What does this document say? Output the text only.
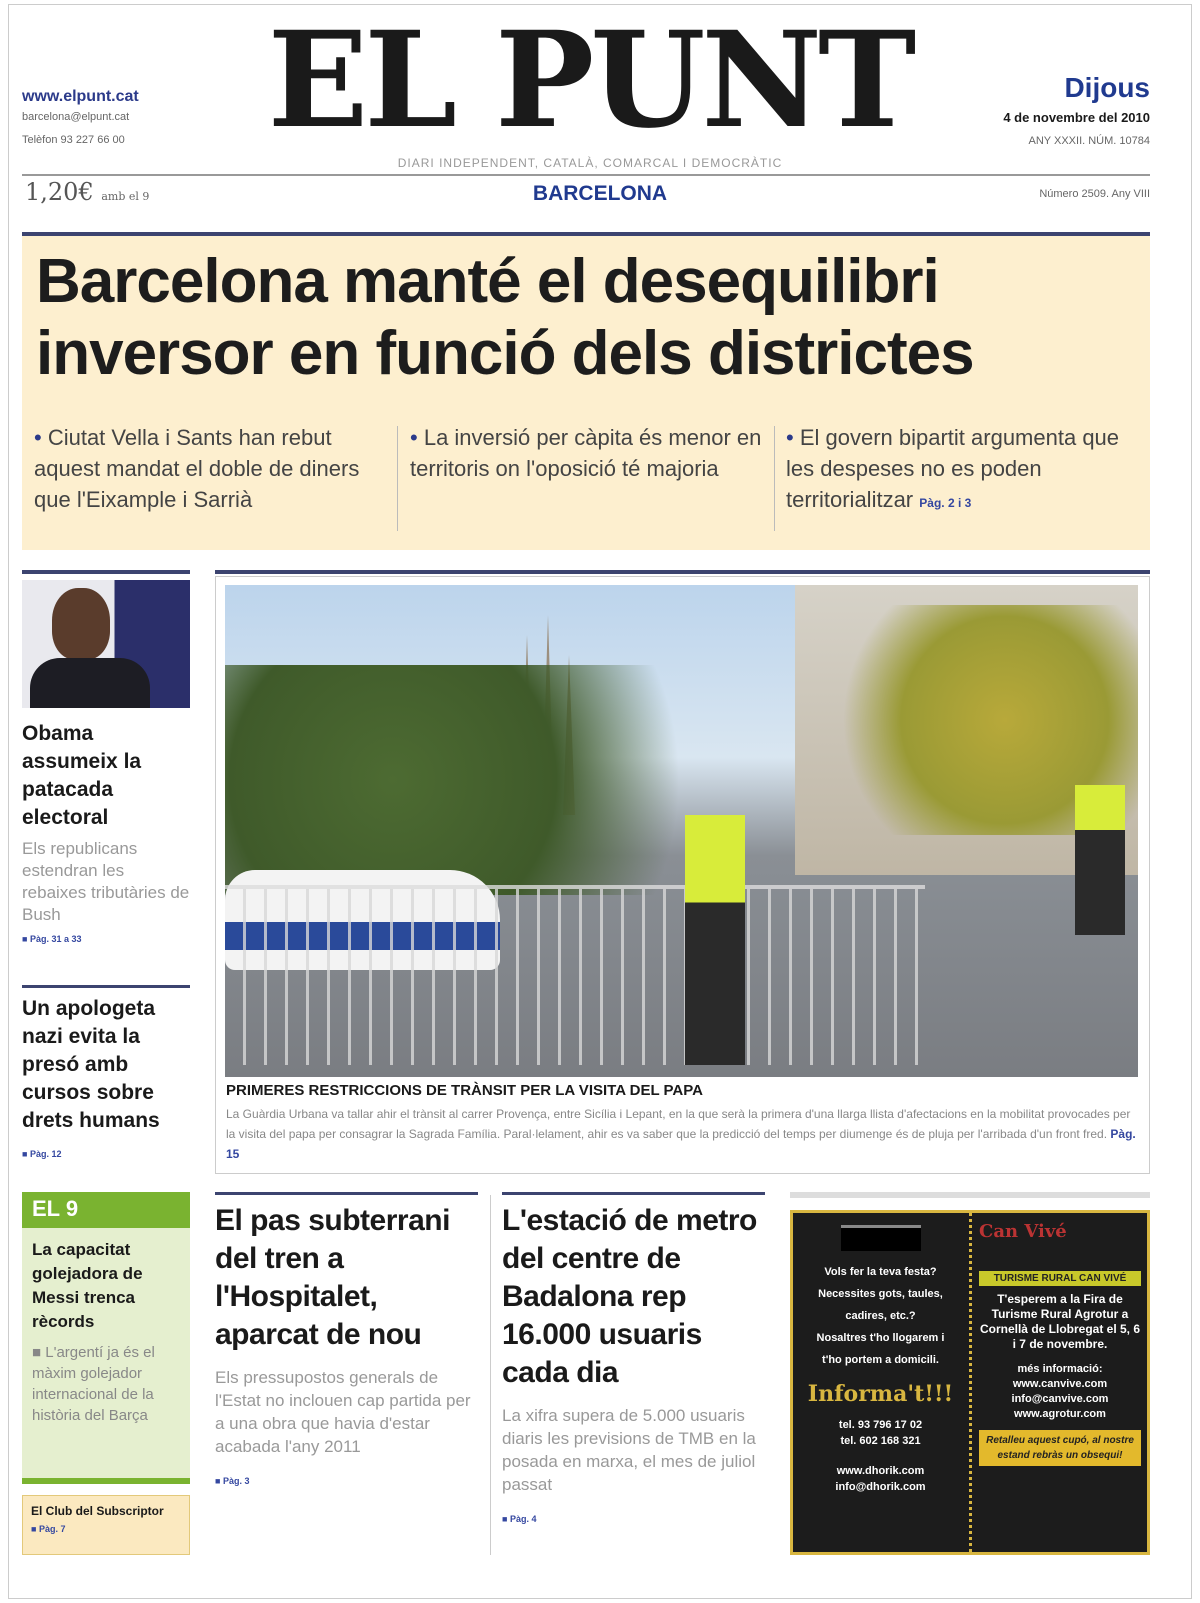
EL PUNT
www.elpunt.cat
barcelona@elpunt.cat
Telèfon 93 227 66 00
DIARI INDEPENDENT, CATALÀ, COMARCAL I DEMOCRÀTIC
Dijous
4 de novembre del 2010
ANY XXXII. NÚM. 10784
1,20€ amb el 9	BARCELONA	Número 2509. Any VIII
Barcelona manté el desequilibri inversor en funció dels districtes
• Ciutat Vella i Sants han rebut aquest mandat el doble de diners que l'Eixample i Sarrià
• La inversió per càpita és menor en territoris on l'oposició té majoria
• El govern bipartit argumenta que les despeses no es poden territorialitzar Pàg. 2 i 3
Obama assumeix la patacada electoral

Els republicans estendran les rebaixes tributàries de Bush

■ Pàg. 31 a 33
Un apologeta nazi evita la presó amb cursos sobre drets humans
■ Pàg. 12
PRIMERES RESTRICCIONS DE TRÀNSIT PER LA VISITA DEL PAPA
La Guàrdia Urbana va tallar ahir el trànsit al carrer Provença, entre Sicília i Lepant, en la que serà la primera d'una llarga llista d'afectacions en la mobilitat provocades per la visita del papa per consagrar la Sagrada Família. Paral·lelament, ahir es va saber que la predicció del temps per diumenge és de pluja per l'arribada d'un front fred. Pàg. 15
EL 9
La capacitat golejadora de Messi trenca rècords
■ L'argentí ja és el màxim golejador internacional de la història del Barça
El Club del Subscriptor
■ Pàg. 7
El pas subterrani del tren a l'Hospitalet, aparcat de nou

Els pressupostos generals de l'Estat no inclouen cap partida per a una obra que havia d'estar acabada l'any 2011

■ Pàg. 3
L'estació de metro del centre de Badalona rep 16.000 usuaris cada dia

La xifra supera de 5.000 usuaris diaris les previsions de TMB en la posada en marxa, el mes de juliol passat

■ Pàg. 4
Vols fer la teva festa?
Necessites gots, taules,
cadires, etc.?
Nosaltres t'ho llogarem i
t'ho portem a domicili.
Informa't!!!
tel. 93 796 17 02
tel. 602 168 321
www.dhorik.com
info@dhorik.com
Can Vivé
TURISME RURAL CAN VIVÉ
T'esperem a la Fira de Turisme Rural Agrotur a Cornellà de Llobregat el 5, 6 i 7 de novembre.
més informació:
www.canvive.com
info@canvive.com
www.agrotur.com
Retalleu aquest cupó, al nostre estand rebràs un obsequi!
